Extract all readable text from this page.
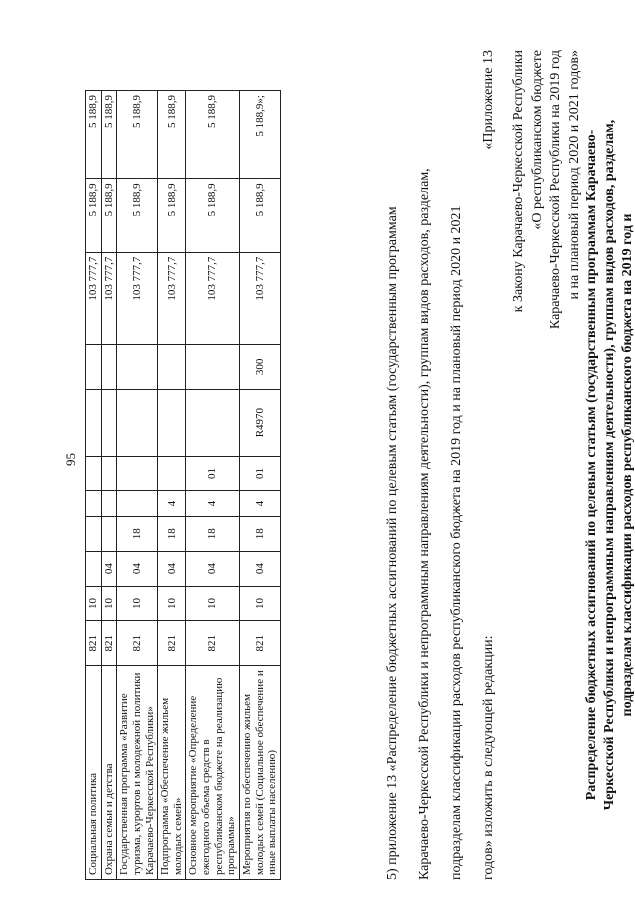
95
Социальная политика	821	10							103 777,7	5 188,9	5 188,9
Охрана семьи и детства	821	10	04						103 777,7	5 188,9	5 188,9
Государственная программа «Развитие туризма, курортов и молодежной политики Карачаево-Черкесской Республики»	821	10	04	18					103 777,7	5 188,9	5 188,9
Подпрограмма «Обеспечение жильем молодых семей»	821	10	04	18	4				103 777,7	5 188,9	5 188,9
Основное мероприятие «Определение ежегодного объема средств в республиканском бюджете на реализацию программы»	821	10	04	18	4	01			103 777,7	5 188,9	5 188,9
Мероприятия по обеспечению жильем молодых семей (Социальное обеспечение и иные выплаты населению)	821	10	04	18	4	01	R4970	300	103 777,7	5 188,9	5 188,9»;
5) приложение 13 «Распределение бюджетных ассигнований по целевым статьям (государственным программам Карачаево-Черкесской Республики и непрограммным направлениям деятельности), группам видов расходов, разделам, подразделам классификации расходов республиканского бюджета на 2019 год и на плановый период 2020 и 2021 годов» изложить в следующей редакции:
«Приложение 13 к Закону Карачаево-Черкесской Республики «О республиканском бюджете Карачаево-Черкесской Республики на 2019 год и на плановый период 2020 и 2021 годов» Распределение бюджетных ассигнований по целевым статьям (государственным программам Карачаево- Черкесской Республики и непрограммным направлениям деятельности), группам видов расходов, разделам, подразделам классификации расходов республиканского бюджета на 2019 год и
